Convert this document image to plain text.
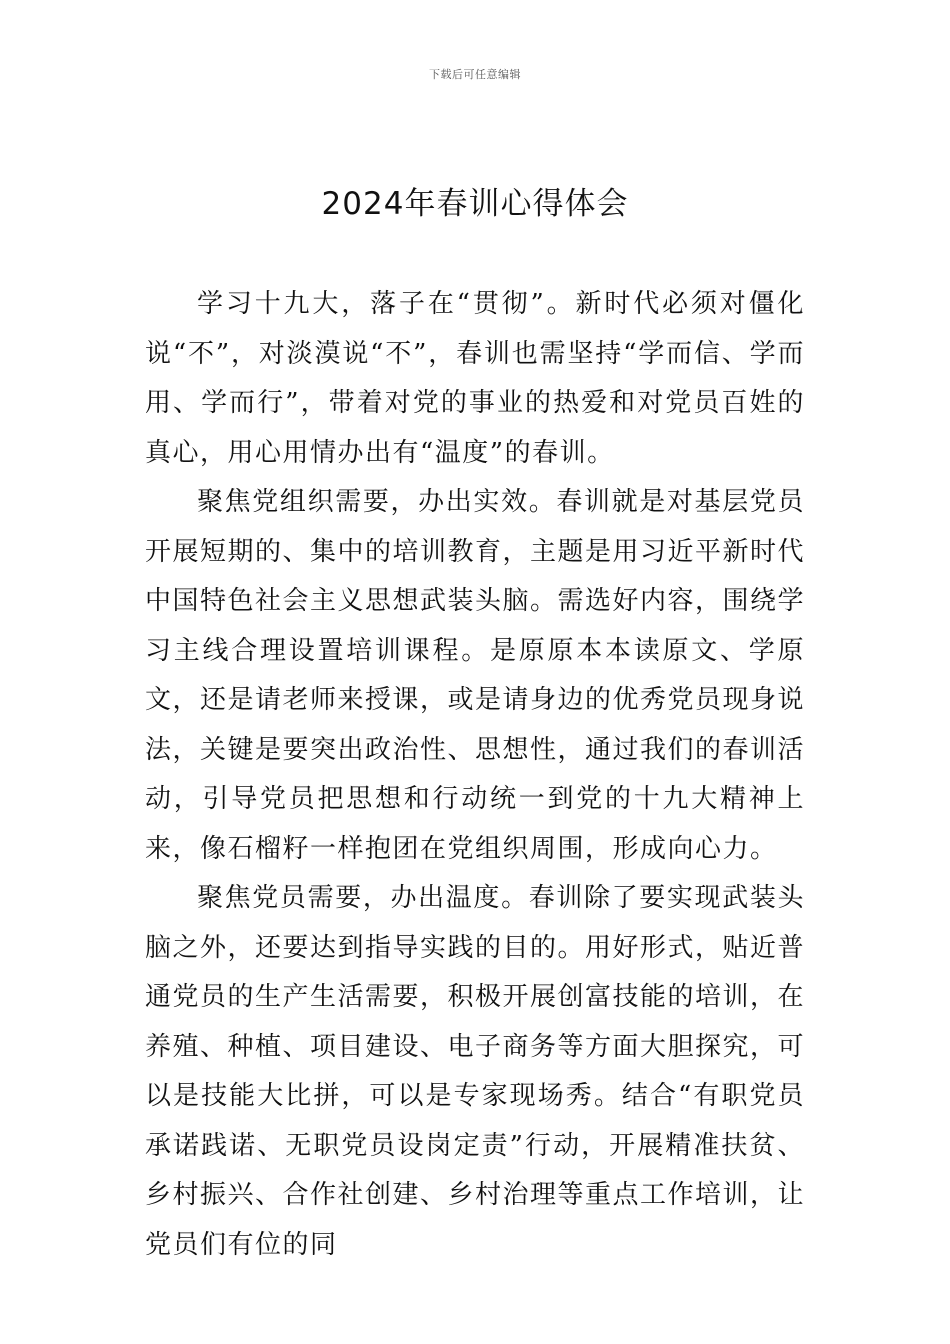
下载后可任意编辑
2024年春训心得体会

学习十九大，落子在“贯彻”。新时代必须对僵化说“不”，对淡漠说“不”，春训也需坚持“学而信、学而用、学而行”，带着对党的事业的热爱和对党员百姓的真心，用心用情办出有“温度”的春训。

聚焦党组织需要，办出实效。春训就是对基层党员开展短期的、集中的培训教育，主题是用习近平新时代中国特色社会主义思想武装头脑。需选好内容，围绕学习主线合理设置培训课程。是原原本本读原文、学原文，还是请老师来授课，或是请身边的优秀党员现身说法，关键是要突出政治性、思想性，通过我们的春训活动，引导党员把思想和行动统一到党的十九大精神上来，像石榴籽一样抱团在党组织周围，形成向心力。

聚焦党员需要，办出温度。春训除了要实现武装头脑之外，还要达到指导实践的目的。用好形式，贴近普通党员的生产生活需要，积极开展创富技能的培训，在养殖、种植、项目建设、电子商务等方面大胆探究，可以是技能大比拼，可以是专家现场秀。结合“有职党员承诺践诺、无职党员设岗定责”行动，开展精准扶贫、乡村振兴、合作社创建、乡村治理等重点工作培训，让党员们有位的同
